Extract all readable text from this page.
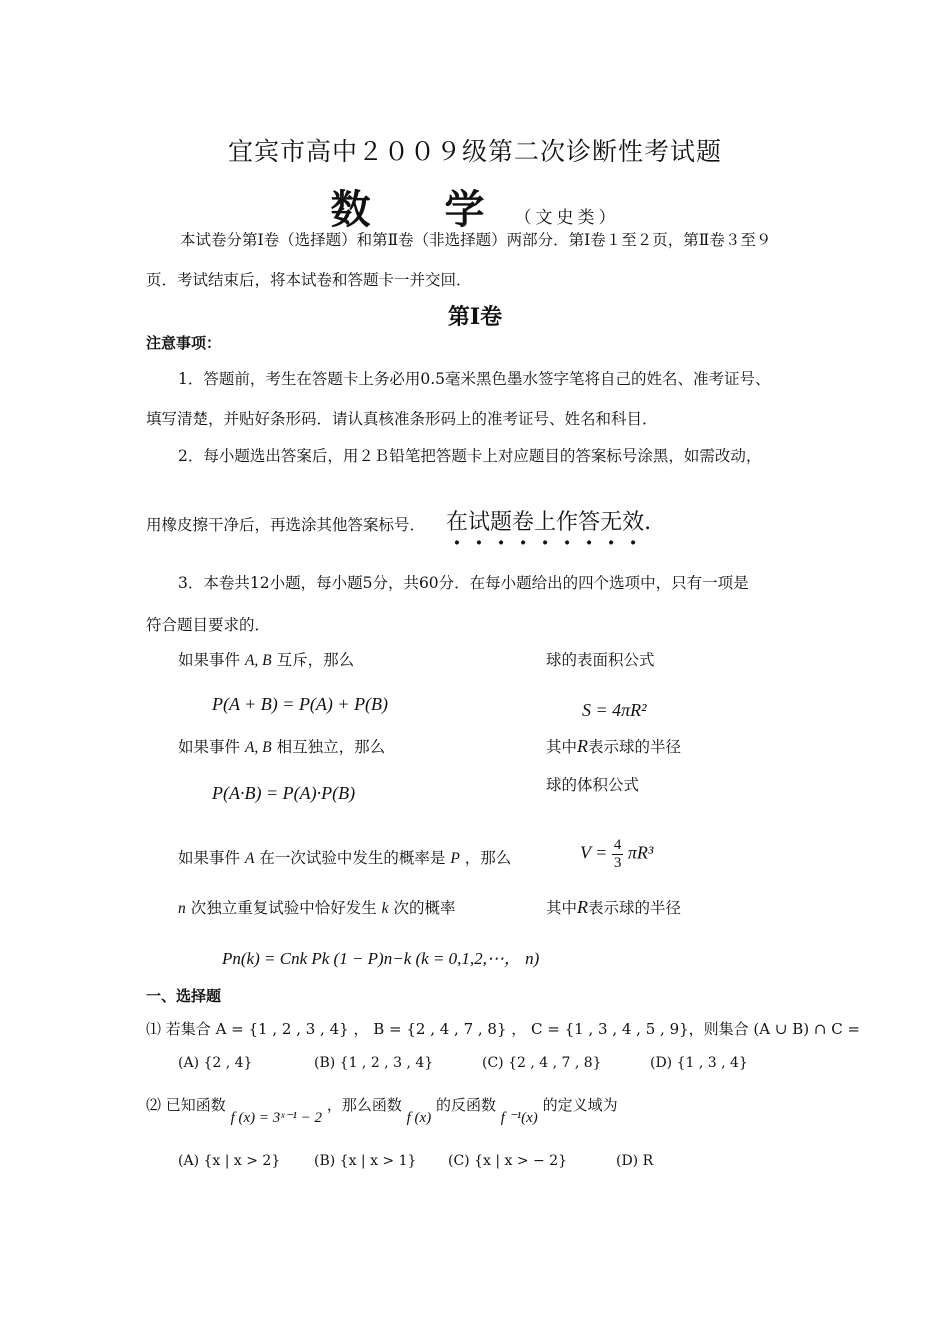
宜宾市高中２００９级第二次诊断性考试题
数 学（文史类）
本试卷分第Ⅰ卷（选择题）和第Ⅱ卷（非选择题）两部分．第Ⅰ卷１至２页，第Ⅱ卷３至９
页．考试结束后，将本试卷和答题卡一并交回．
第Ⅰ卷
注意事项：
1．答题前，考生在答题卡上务必用0.5毫米黑色墨水签字笔将自己的姓名、准考证号、
填写清楚，并贴好条形码．请认真核准条形码上的准考证号、姓名和科目．
2．每小题选出答案后，用２Ｂ铅笔把答题卡上对应题目的答案标号涂黑，如需改动，
用橡皮擦干净后，再选涂其他答案标号． 在试题卷上作答无效.
3．本卷共12小题，每小题5分，共60分．在每小题给出的四个选项中，只有一项是
符合题目要求的．
如果事件 A, B 互斥，那么
P(A + B) = P(A) + P(B)
如果事件 A, B 相互独立，那么
P(A·B) = P(A)·P(B)
如果事件 A 在一次试验中发生的概率是 P ，那么
n 次独立重复试验中恰好发生 k 次的概率
Pn(k) = Cnk Pk (1 − P)n−k (k = 0,1,2,⋯， n)
球的表面积公式
S = 4πR²
其中R表示球的半径
球的体积公式
$V = \frac{4}{3} \pi R^3$
其中R表示球的半径
一、选择题
⑴ 若集合 A = {1 , 2 , 3 , 4} ， B = {2 , 4 , 7 , 8} ， C = {1 , 3 , 4 , 5 , 9}，则集合 (A ∪ B) ∩ C =
(A) {2 , 4}	(B) {1 , 2 , 3 , 4}	(C) {2 , 4 , 7 , 8}	(D) {1 , 3 , 4}
⑵ 已知函数 f (x) = 3ˣ⁻¹ − 2 ，那么函数 f (x) 的反函数 f ⁻¹(x) 的定义域为
(A) {x | x > 2} (B) {x | x > 1} (C) {x | x > − 2}	(D) R
